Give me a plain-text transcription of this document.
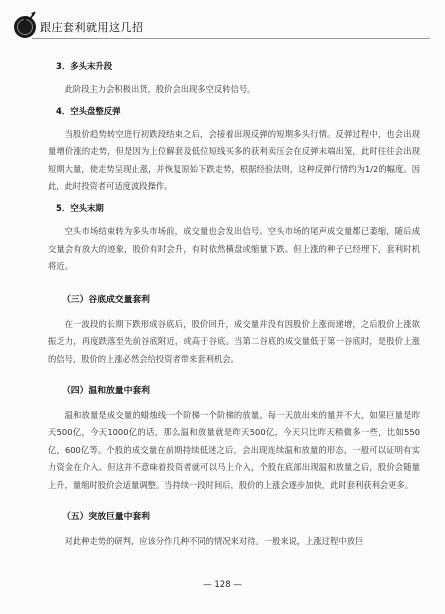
跟庄套利就用这几招
3．多头末升段

此阶段主力会积极出货，股价会出现多空反转信号。

4．空头盘整反弹

当股价趋势转空进行初跌段结束之后，会接着出现反弹的短期多头行情。反弹过程中，也会出现量增价涨的走势，但是因为上位解套及低位短线买多的获利卖压会在反弹末端出笼，此时往往会出现短期大量，使走势呈现止涨，并恢复原始下跌走势，根据经验法则，这种反弹行情约为1/2的幅度。因此，此时投资者可适度波段操作。

5．空头末期

空头市场结束转为多头市场前，成交量也会发出信号。空头市场的尾声成交量都已萎缩，随后成交量会有放大的迹象，股价有时会升，有时依然横盘或缩量下跌。但上涨的种子已经埋下，套利时机将近。

（三）谷底成交量套利

在一波段的长期下跌形成谷底后，股价回升，成交量并没有因股价上涨而递增，之后股价上涨欲振乏力，再度跌落至先前谷底附近，或高于谷底。当第二谷底的成交量低于第一谷底时，是股价上涨的信号，股价的上涨必然会给投资者带来套利机会。

（四）温和放量中套利

温和放量是成交量的蜡烛线一个阶梯一个阶梯的放量。每一天放出来的量并不大，如果巨量是昨天500亿，今天1000亿的话，那么温和放量就是昨天500亿，今天只比昨天稍微多一些，比如550亿，600亿等。个股的成交量在前期持续低迷之后，会出现连续温和放量的形态，一般可以证明有实力资金在介入。但这并不意味着投资者就可以马上介入，个股在底部出现温和放量之后，股价会随量上升，量缩时股价会适量调整。当持续一段时间后，股价的上涨会逐步加快，此时套利获利会更多。

（五）突放巨量中套利

对此种走势的研判，应该分作几种不同的情况来对待。一般来说，上涨过程中放巨

— 128 —
